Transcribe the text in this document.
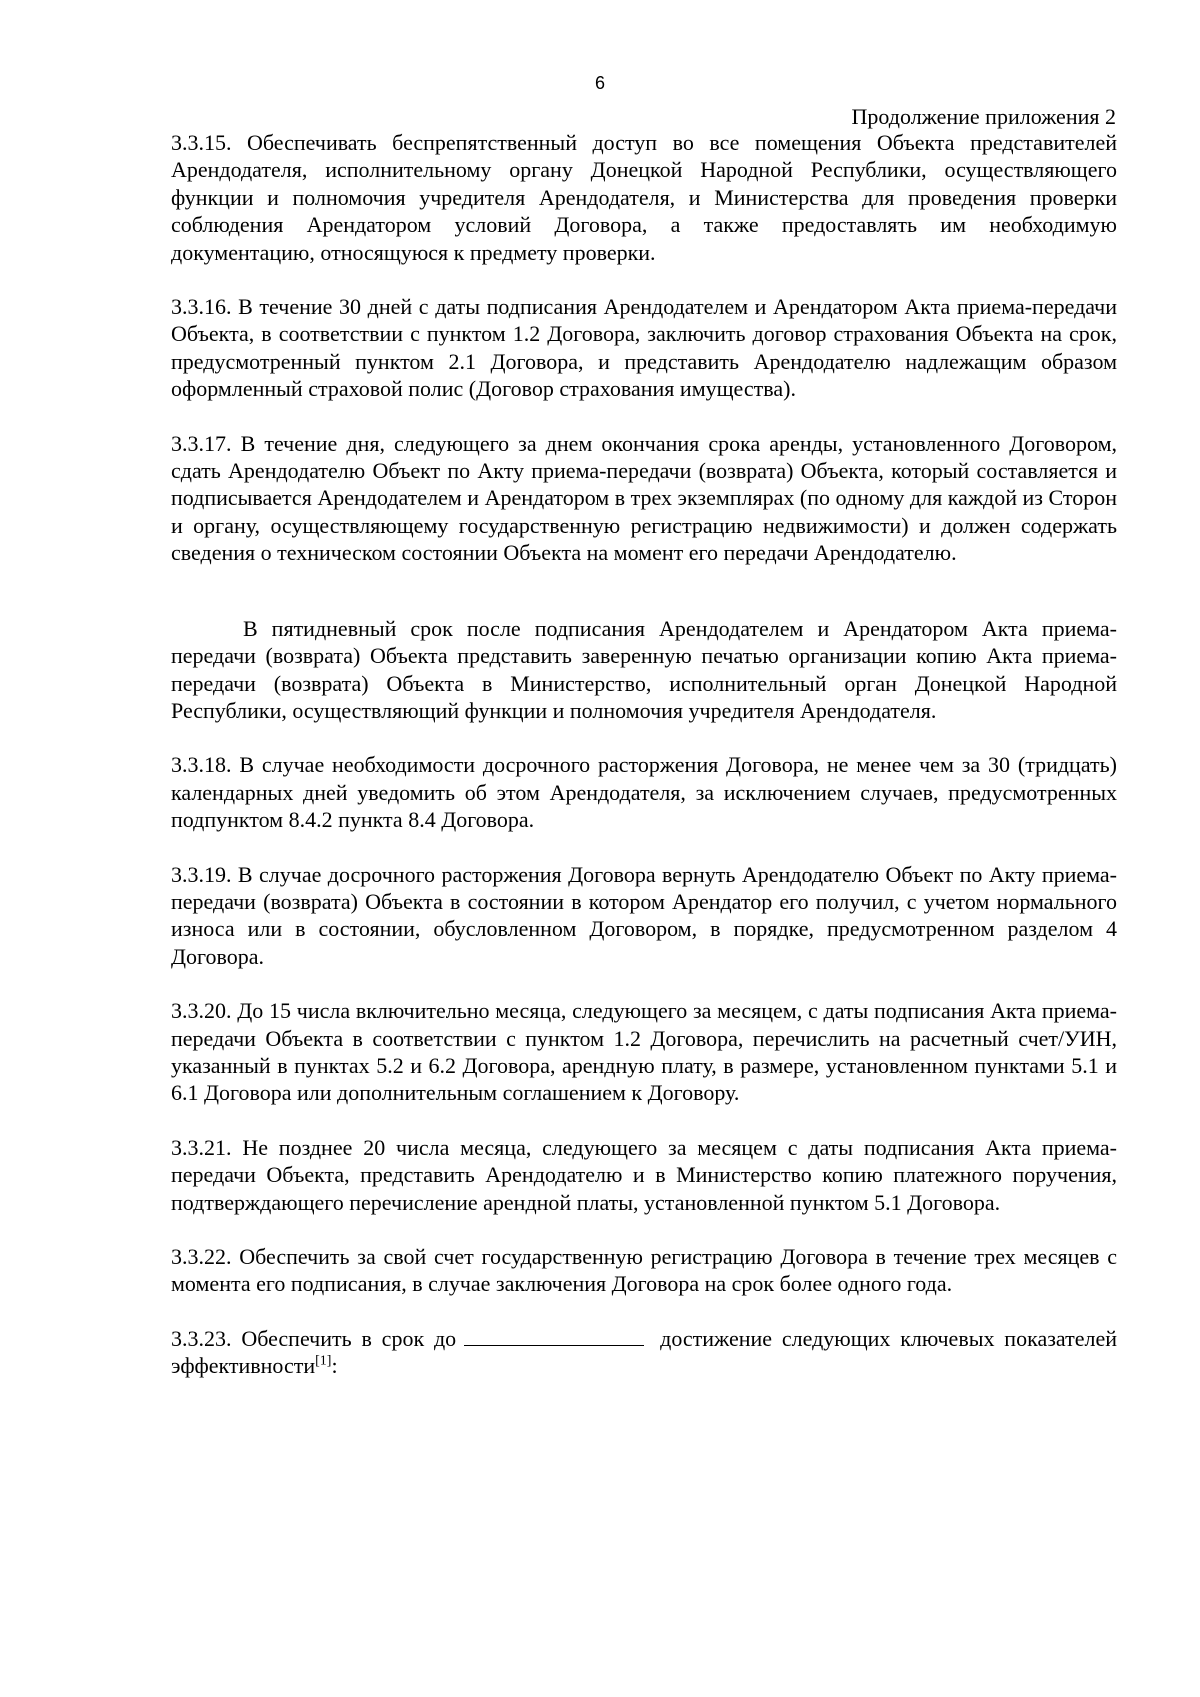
6
Продолжение приложения 2

3.3.15. Обеспечивать беспрепятственный доступ во все помещения Объекта представителей Арендодателя, исполнительному органу Донецкой Народной Республики, осуществляющего функции и полномочия учредителя Арендодателя, и Министерства для проведения проверки соблюдения Арендатором условий Договора, а также предоставлять им необходимую документацию, относящуюся к предмету проверки.

3.3.16. В течение 30 дней с даты подписания Арендодателем и Арендатором Акта приема-передачи Объекта, в соответствии с пунктом 1.2 Договора, заключить договор страхования Объекта на срок, предусмотренный пунктом 2.1 Договора, и представить Арендодателю надлежащим образом оформленный страховой полис (Договор страхования имущества).

3.3.17. В течение дня, следующего за днем окончания срока аренды, установленного Договором, сдать Арендодателю Объект по Акту приема-передачи (возврата) Объекта, который составляется и подписывается Арендодателем и Арендатором в трех экземплярах (по одному для каждой из Сторон и органу, осуществляющему государственную регистрацию недвижимости) и должен содержать сведения о техническом состоянии Объекта на момент его передачи Арендодателю.

В пятидневный срок после подписания Арендодателем и Арендатором Акта приема-передачи (возврата) Объекта представить заверенную печатью организации копию Акта приема-передачи (возврата) Объекта в Министерство, исполнительный орган Донецкой Народной Республики, осуществляющий функции и полномочия учредителя Арендодателя.

3.3.18. В случае необходимости досрочного расторжения Договора, не менее чем за 30 (тридцать) календарных дней уведомить об этом Арендодателя, за исключением случаев, предусмотренных подпунктом 8.4.2 пункта 8.4 Договора.

3.3.19. В случае досрочного расторжения Договора вернуть Арендодателю Объект по Акту приема-передачи (возврата) Объекта в состоянии в котором Арендатор его получил, с учетом нормального износа или в состоянии, обусловленном Договором, в порядке, предусмотренном разделом 4 Договора.

3.3.20. До 15 числа включительно месяца, следующего за месяцем, с даты подписания Акта приема-передачи Объекта в соответствии с пунктом 1.2 Договора, перечислить на расчетный счет/УИН, указанный в пунктах 5.2 и 6.2 Договора, арендную плату, в размере, установленном пунктами 5.1 и 6.1 Договора или дополнительным соглашением к Договору.

3.3.21. Не позднее 20 числа месяца, следующего за месяцем с даты подписания Акта приема-передачи Объекта, представить Арендодателю и в Министерство копию платежного поручения, подтверждающего перечисление арендной платы, установленной пунктом 5.1 Договора.

3.3.22. Обеспечить за свой счет государственную регистрацию Договора в течение трех месяцев с момента его подписания, в случае заключения Договора на срок более одного года.

3.3.23. Обеспечить в срок до	достижение следующих ключевых показателей эффективности[1]:
